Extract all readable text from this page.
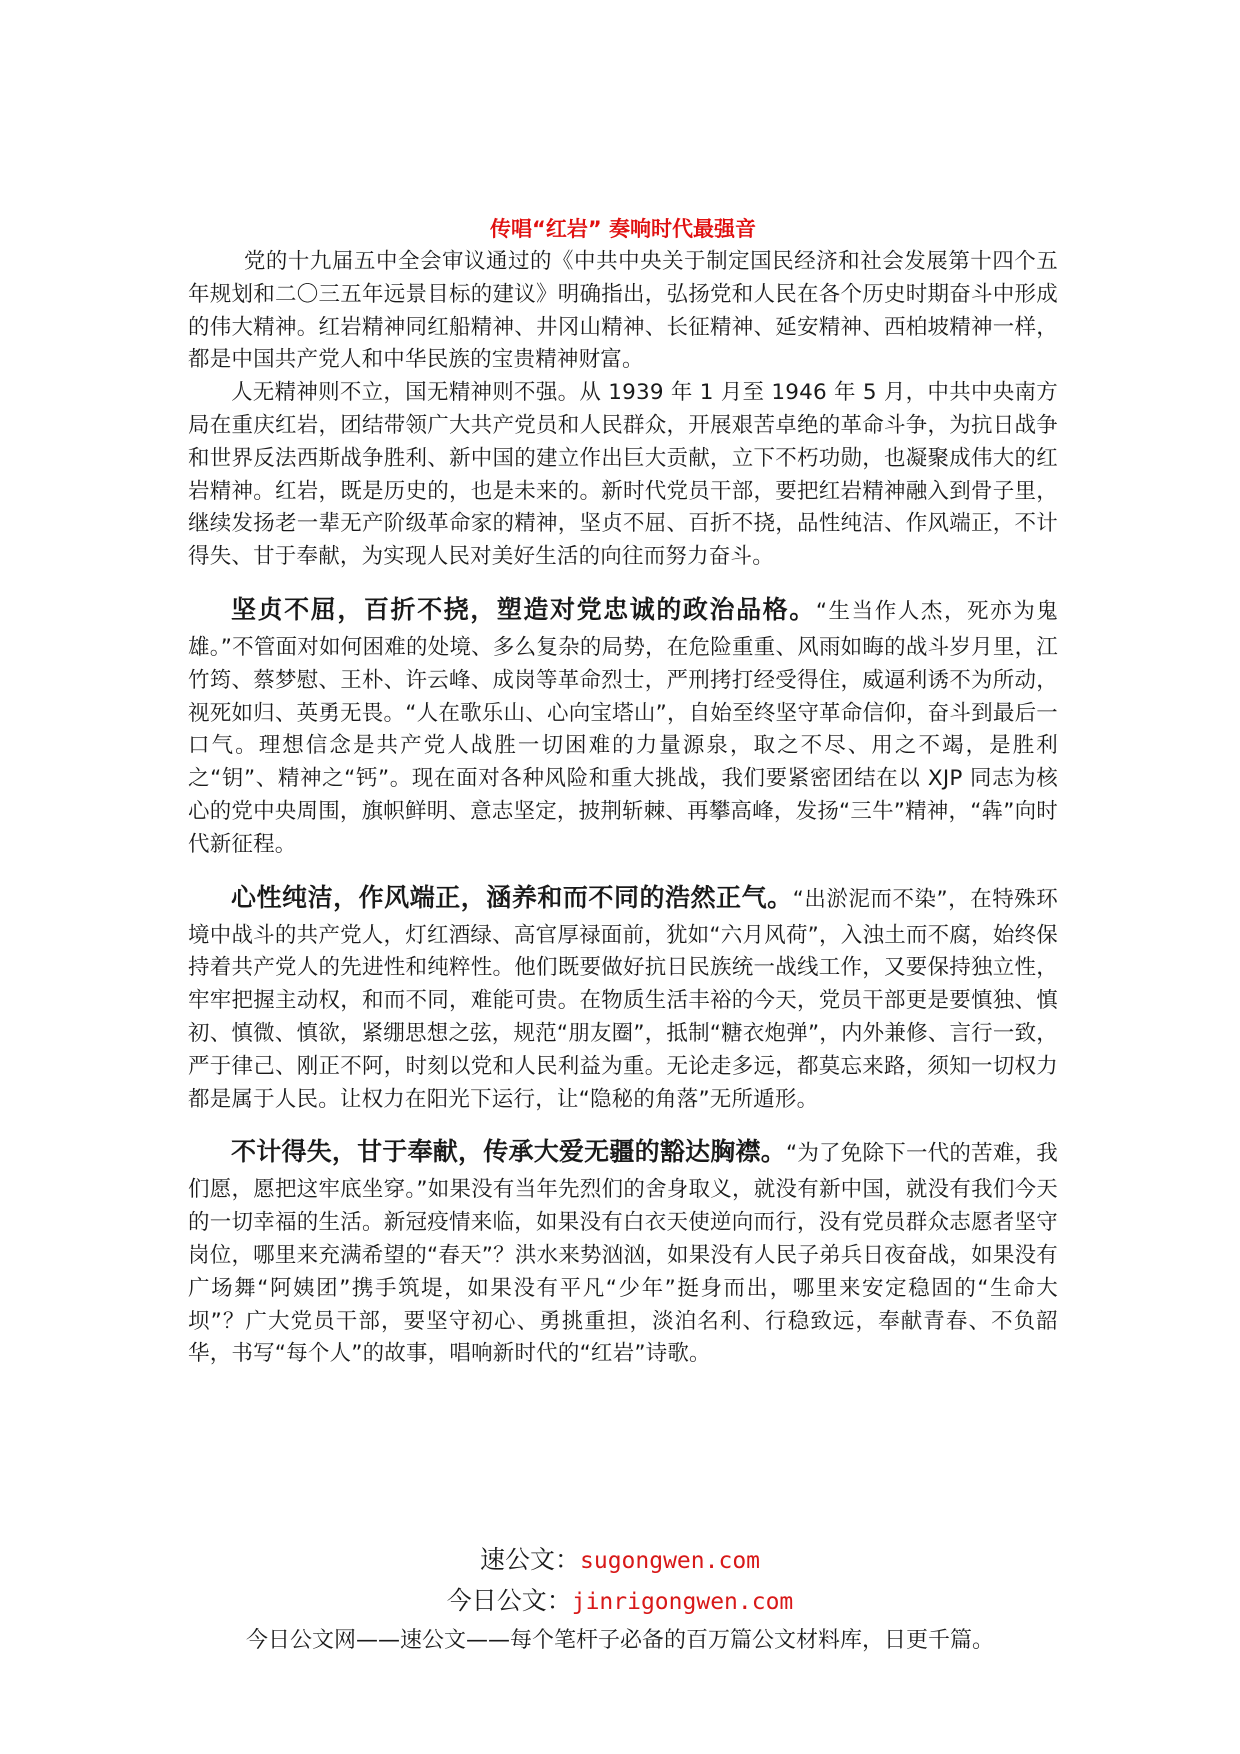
传唱“红岩” 奏响时代最强音

党的十九届五中全会审议通过的《中共中央关于制定国民经济和社会发展第十四个五年规划和二〇三五年远景目标的建议》明确指出，弘扬党和人民在各个历史时期奋斗中形成的伟大精神。红岩精神同红船精神、井冈山精神、长征精神、延安精神、西柏坡精神一样，都是中国共产党人和中华民族的宝贵精神财富。

人无精神则不立，国无精神则不强。从 1939 年 1 月至 1946 年 5 月，中共中央南方局在重庆红岩，团结带领广大共产党员和人民群众，开展艰苦卓绝的革命斗争，为抗日战争和世界反法西斯战争胜利、新中国的建立作出巨大贡献，立下不朽功勋，也凝聚成伟大的红岩精神。红岩，既是历史的，也是未来的。新时代党员干部，要把红岩精神融入到骨子里，继续发扬老一辈无产阶级革命家的精神，坚贞不屈、百折不挠，品性纯洁、作风端正，不计得失、甘于奉献，为实现人民对美好生活的向往而努力奋斗。

坚贞不屈，百折不挠，塑造对党忠诚的政治品格。“生当作人杰，死亦为鬼雄。”不管面对如何困难的处境、多么复杂的局势，在危险重重、风雨如晦的战斗岁月里，江竹筠、蔡梦慰、王朴、许云峰、成岗等革命烈士，严刑拷打经受得住，威逼利诱不为所动，视死如归、英勇无畏。“人在歌乐山、心向宝塔山”，自始至终坚守革命信仰，奋斗到最后一口气。理想信念是共产党人战胜一切困难的力量源泉，取之不尽、用之不竭，是胜利之“钥”、精神之“钙”。现在面对各种风险和重大挑战，我们要紧密团结在以 XJP 同志为核心的党中央周围，旗帜鲜明、意志坚定，披荆斩棘、再攀高峰，发扬“三牛”精神，“犇”向时代新征程。

心性纯洁，作风端正，涵养和而不同的浩然正气。“出淤泥而不染”，在特殊环境中战斗的共产党人，灯红酒绿、高官厚禄面前，犹如“六月风荷”，入浊土而不腐，始终保持着共产党人的先进性和纯粹性。他们既要做好抗日民族统一战线工作，又要保持独立性，牢牢把握主动权，和而不同，难能可贵。在物质生活丰裕的今天，党员干部更是要慎独、慎初、慎微、慎欲，紧绷思想之弦，规范“朋友圈”，抵制“糖衣炮弹”，内外兼修、言行一致，严于律己、刚正不阿，时刻以党和人民利益为重。无论走多远，都莫忘来路，须知一切权力都是属于人民。让权力在阳光下运行，让“隐秘的角落”无所遁形。

不计得失，甘于奉献，传承大爱无疆的豁达胸襟。“为了免除下一代的苦难，我们愿，愿把这牢底坐穿。”如果没有当年先烈们的舍身取义，就没有新中国，就没有我们今天的一切幸福的生活。新冠疫情来临，如果没有白衣天使逆向而行，没有党员群众志愿者坚守岗位，哪里来充满希望的“春天”？洪水来势汹汹，如果没有人民子弟兵日夜奋战，如果没有广场舞“阿姨团”携手筑堤，如果没有平凡“少年”挺身而出，哪里来安定稳固的“生命大坝”？广大党员干部，要坚守初心、勇挑重担，淡泊名利、行稳致远，奉献青春、不负韶华，书写“每个人”的故事，唱响新时代的“红岩”诗歌。

速公文：sugongwen.com
今日公文：jinrigongwen.com
今日公文网——速公文——每个笔杆子必备的百万篇公文材料库，日更千篇。
